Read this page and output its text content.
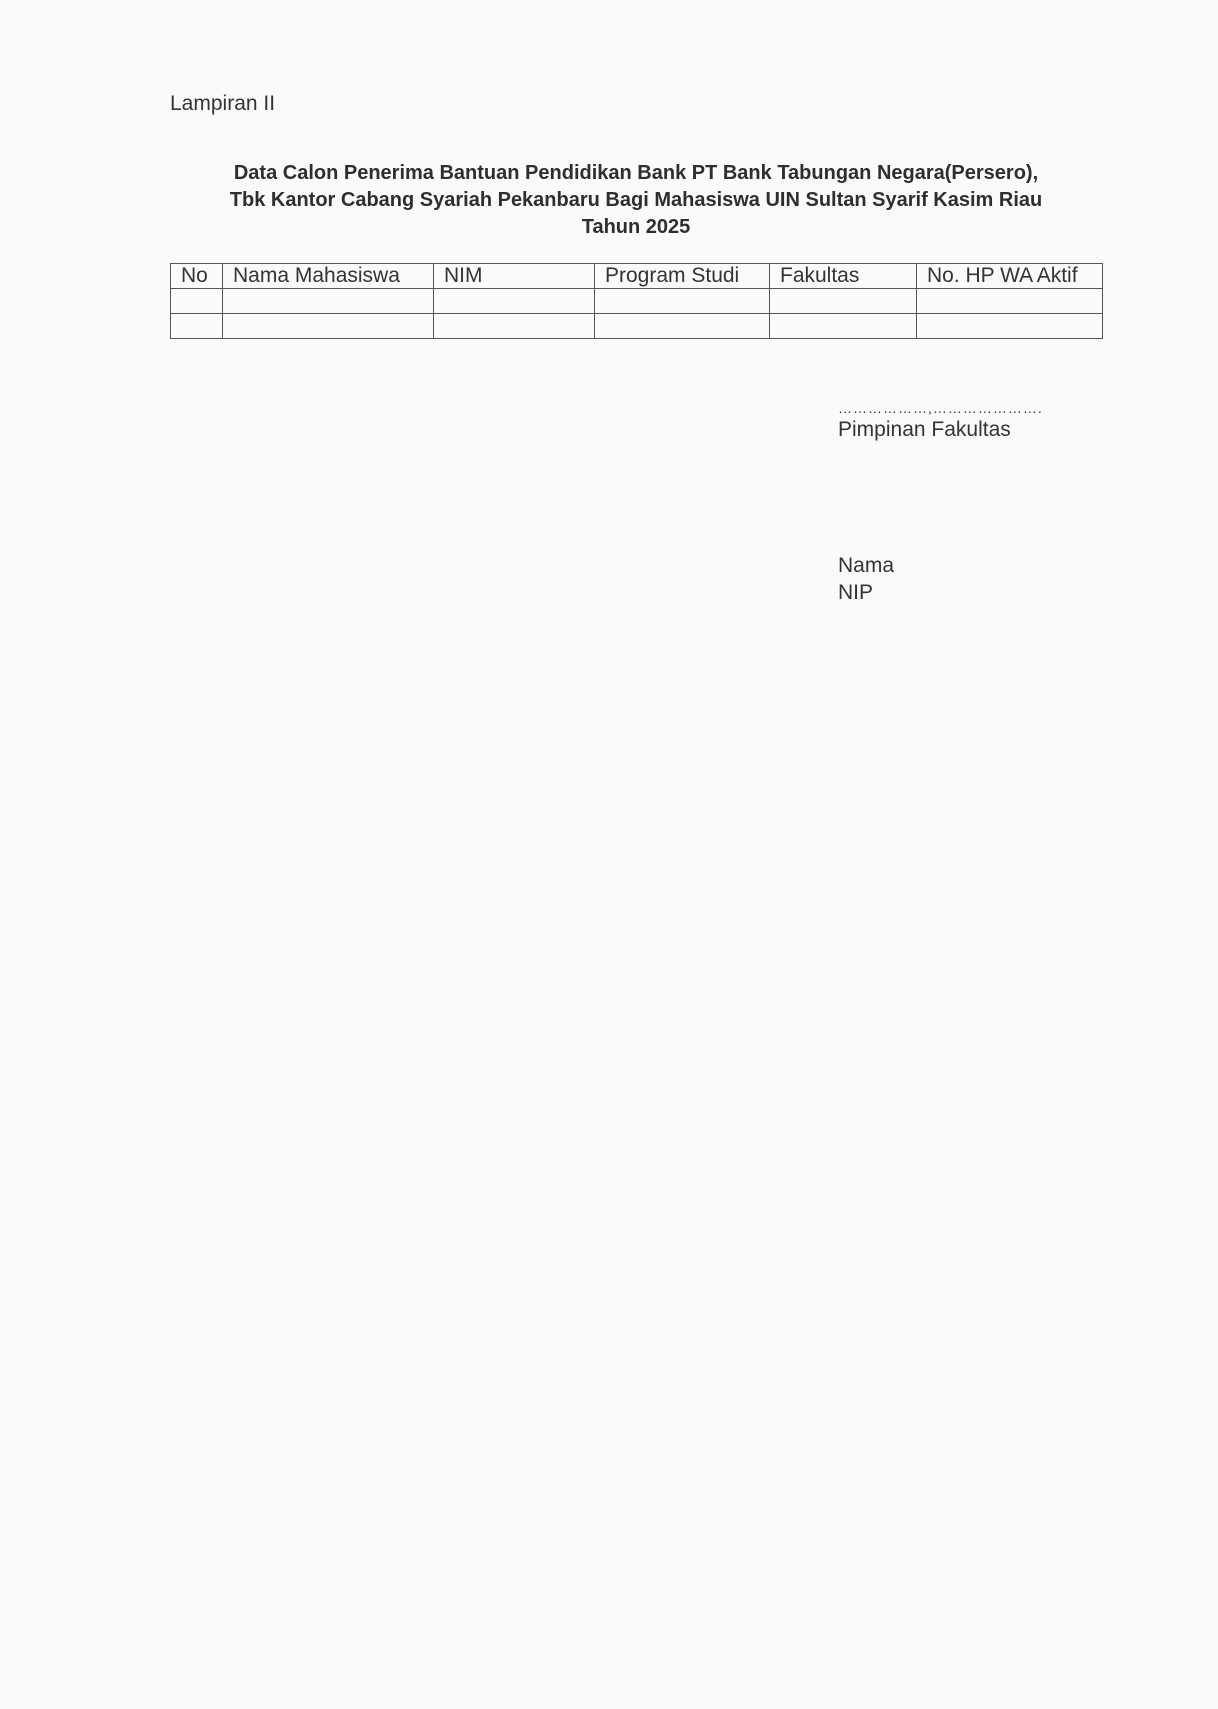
Lampiran II
Data Calon Penerima Bantuan Pendidikan Bank PT Bank Tabungan Negara(Persero),
Tbk Kantor Cabang Syariah Pekanbaru Bagi Mahasiswa UIN Sultan Syarif Kasim Riau
Tahun 2025
No	Nama Mahasiswa	NIM	Program Studi	Fakultas	No. HP WA Aktif

………………,………………….
Pimpinan Fakultas
Nama
NIP
